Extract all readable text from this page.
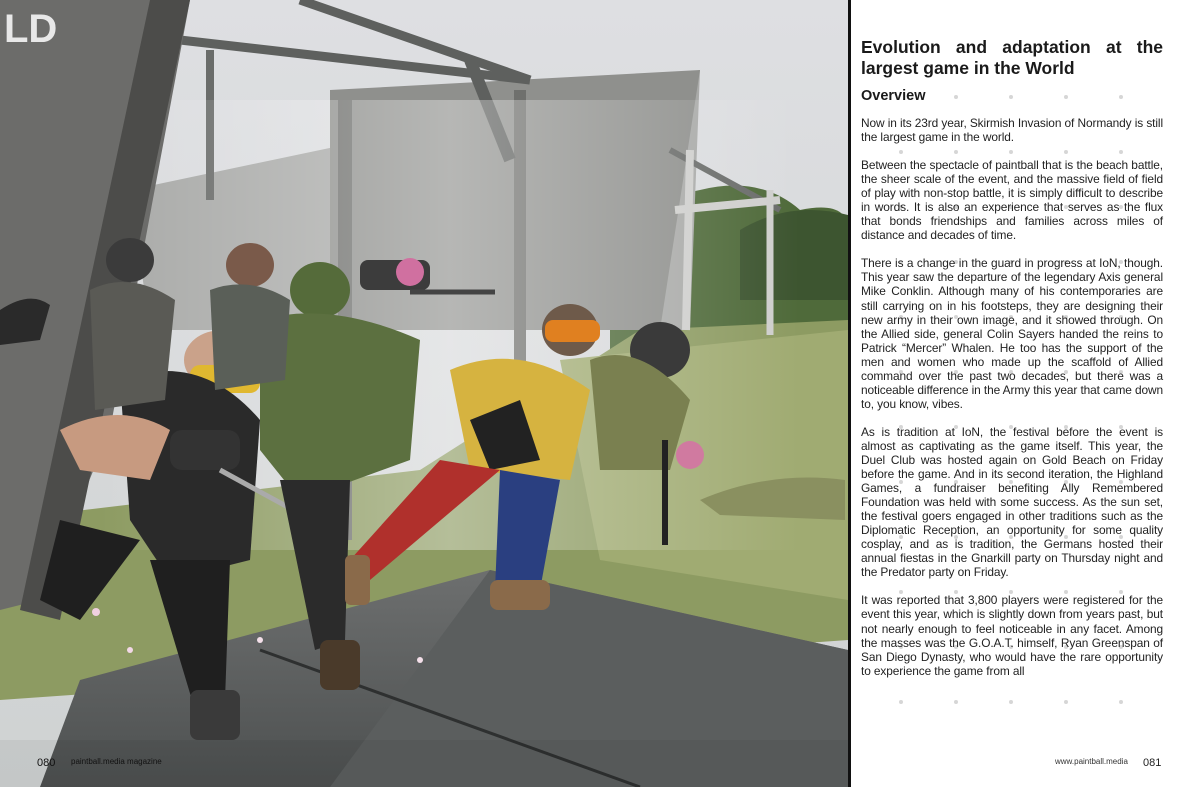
LD	Evolution and adaptation at the largest game in the World
Overview

Now in its 23rd year, Skirmish Invasion of Normandy is still the largest game in the world.

Between the spectacle of paintball that is the beach battle, the sheer scale of the event, and the massive field of field of play with non-stop battle, it is simply difficult to describe in words. It is also an experience that serves as the flux that bonds friendships and families across miles of distance and decades of time.

There is a change in the guard in progress at IoN, though. This year saw the departure of the legendary Axis general Mike Conklin. Although many of his contemporaries are still carrying on in his footsteps, they are designing their new army in their own image, and it showed through. On the Allied side, general Colin Sayers handed the reins to Patrick “Mercer” Whalen. He too has the support of the men and women who made up the scaffold of Allied command over the past two decades, but there was a noticeable difference in the Army this year that came down to, you know, vibes.

As is tradition at IoN, the festival before the event is almost as captivating as the game itself. This year, the Duel Club was hosted again on Gold Beach on Friday before the game. And in its second iteration, the Highland Games, a fundraiser benefiting Ally Remembered Foundation was held with some success. As the sun set, the festival goers engaged in other traditions such as the Diplomatic Reception, an opportunity for some quality cosplay, and as is tradition, the Germans hosted their annual fiestas in the Gnarkill party on Thursday night and the Predator party on Friday.

It was reported that 3,800 players were registered for the event this year, which is slightly down from years past, but not nearly enough to feel noticeable in any facet. Among the masses was the G.O.A.T. himself, Ryan Greenspan of San Diego Dynasty, who would have the rare opportunity to experience the game from all

www.paintball.media 081
080 paintball.media magazine
